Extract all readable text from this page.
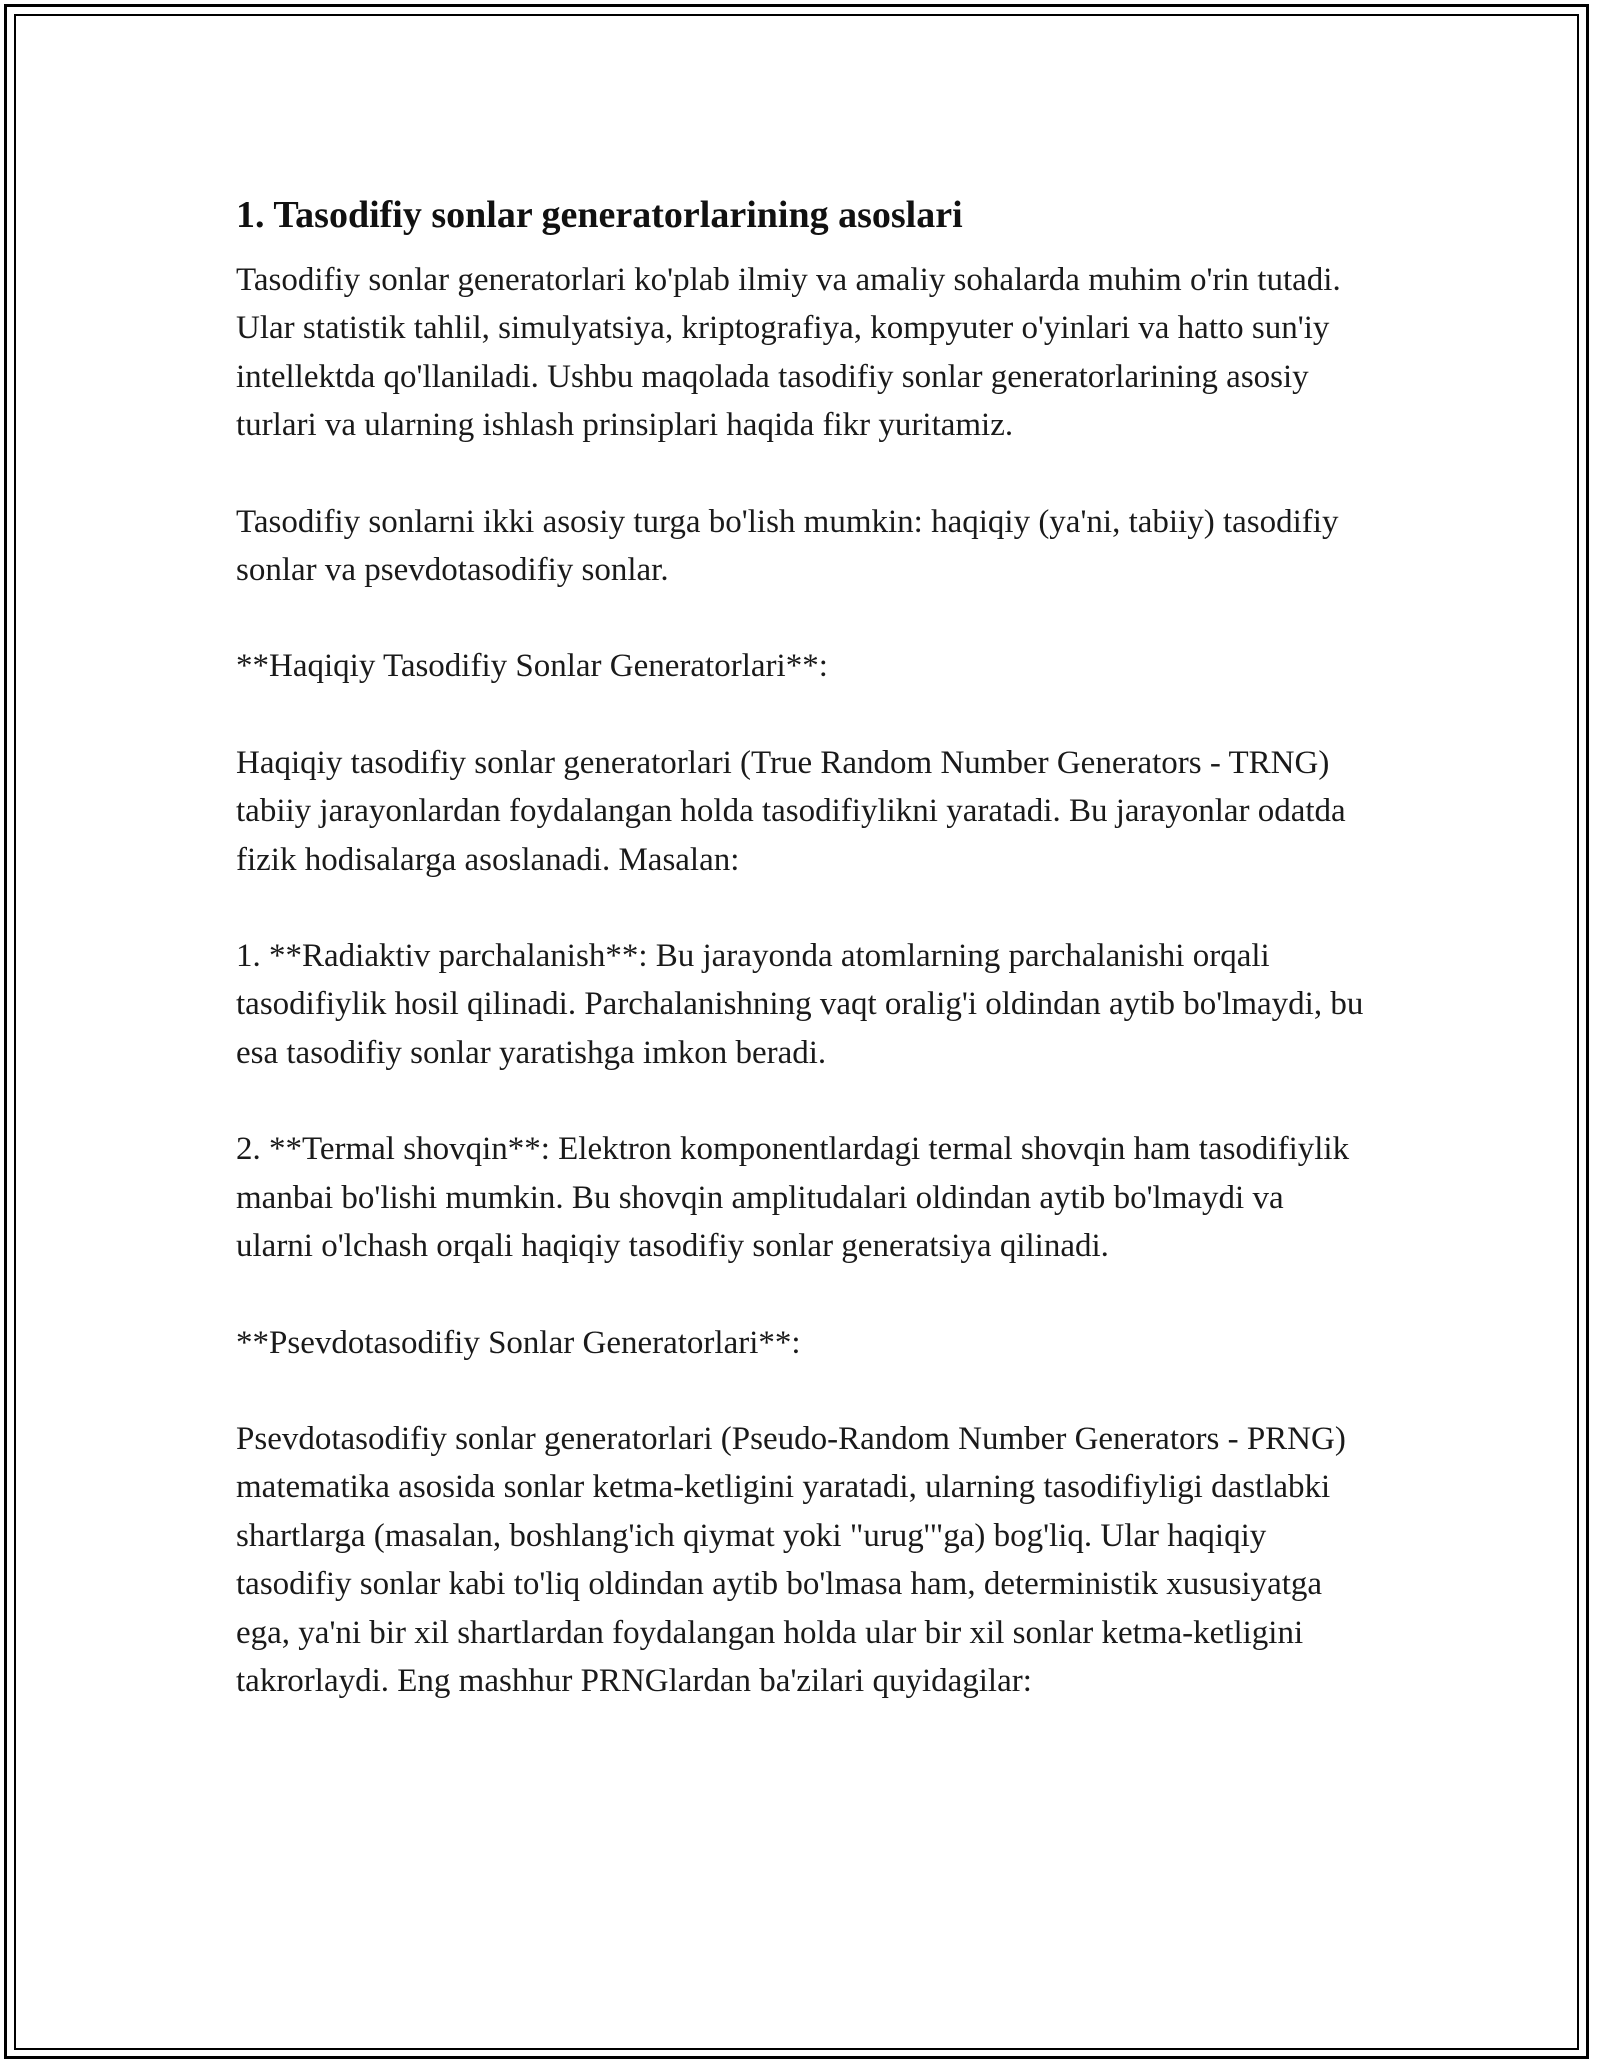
1. Tasodifiy sonlar generatorlarining asoslari

Tasodifiy sonlar generatorlari ko'plab ilmiy va amaliy sohalarda muhim o'rin tutadi. Ular statistik tahlil, simulyatsiya, kriptografiya, kompyuter o'yinlari va hatto sun'iy intellektda qo'llaniladi. Ushbu maqolada tasodifiy sonlar generatorlarining asosiy turlari va ularning ishlash prinsiplari haqida fikr yuritamiz.

Tasodifiy sonlarni ikki asosiy turga bo'lish mumkin: haqiqiy (ya'ni, tabiiy) tasodifiy sonlar va psevdotasodifiy sonlar.

**Haqiqiy Tasodifiy Sonlar Generatorlari**:

Haqiqiy tasodifiy sonlar generatorlari (True Random Number Generators - TRNG) tabiiy jarayonlardan foydalangan holda tasodifiylikni yaratadi. Bu jarayonlar odatda fizik hodisalarga asoslanadi. Masalan:

1. **Radiaktiv parchalanish**: Bu jarayonda atomlarning parchalanishi orqali tasodifiylik hosil qilinadi. Parchalanishning vaqt oralig'i oldindan aytib bo'lmaydi, bu esa tasodifiy sonlar yaratishga imkon beradi.

2. **Termal shovqin**: Elektron komponentlardagi termal shovqin ham tasodifiylik manbai bo'lishi mumkin. Bu shovqin amplitudalari oldindan aytib bo'lmaydi va ularni o'lchash orqali haqiqiy tasodifiy sonlar generatsiya qilinadi.

**Psevdotasodifiy Sonlar Generatorlari**:

Psevdotasodifiy sonlar generatorlari (Pseudo-Random Number Generators - PRNG) matematika asosida sonlar ketma-ketligini yaratadi, ularning tasodifiyligi dastlabki shartlarga (masalan, boshlang'ich qiymat yoki "urug'"ga) bog'liq. Ular haqiqiy tasodifiy sonlar kabi to'liq oldindan aytib bo'lmasa ham, deterministik xususiyatga ega, ya'ni bir xil shartlardan foydalangan holda ular bir xil sonlar ketma-ketligini takrorlaydi. Eng mashhur PRNGlardan ba'zilari quyidagilar:
